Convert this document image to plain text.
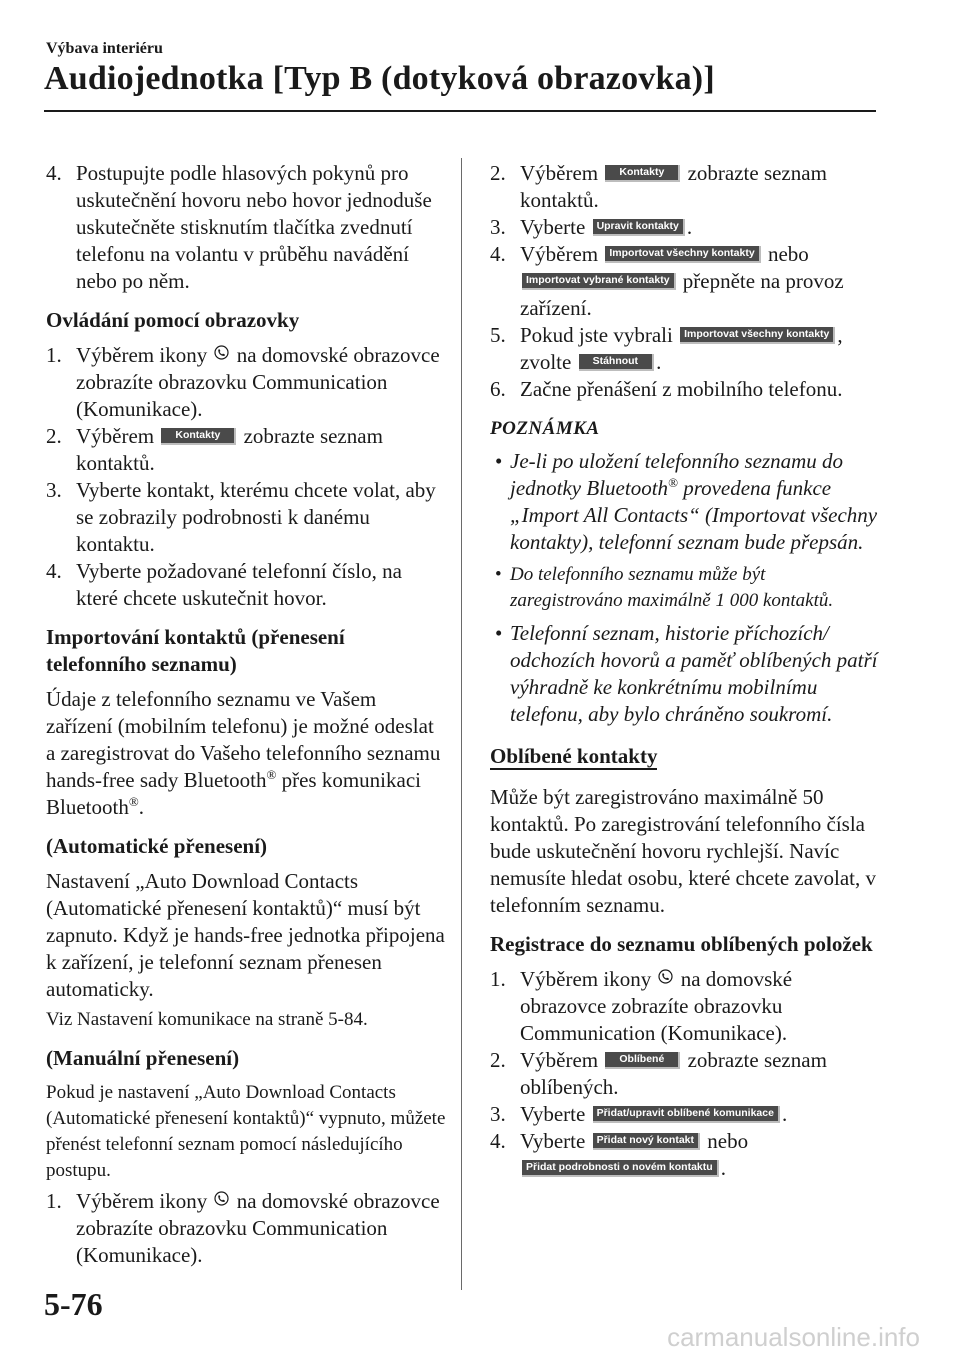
Výbava interiéru
Audiojednotka [Typ B (dotyková obrazovka)]
4. Postupujte podle hlasových pokynů pro uskutečnění hovoru nebo hovor jednoduše uskutečněte stisknutím tlačítka zvednutí telefonu na volantu v průběhu navádění nebo po něm.
Ovládání pomocí obrazovky
1. Výběrem ikony na domovské obrazovce zobrazíte obrazovku Communication (Komunikace).
2. Výběrem Kontakty zobrazte seznam kontaktů.
3. Vyberte kontakt, kterému chcete volat, aby se zobrazily podrobnosti k danému kontaktu.
4. Vyberte požadované telefonní číslo, na které chcete uskutečnit hovor.
Importování kontaktů (přenesení telefonního seznamu)
Údaje z telefonního seznamu ve Vašem zařízení (mobilním telefonu) je možné odeslat a zaregistrovat do Vašeho telefonního seznamu hands-free sady Bluetooth® přes komunikaci Bluetooth®.
(Automatické přenesení)
Nastavení „Auto Download Contacts (Automatické přenesení kontaktů)“ musí být zapnuto. Když je hands-free jednotka připojena k zařízení, je telefonní seznam přenesen automaticky.
Viz Nastavení komunikace na straně 5-84.
(Manuální přenesení)
Pokud je nastavení „Auto Download Contacts (Automatické přenesení kontaktů)“ vypnuto, můžete přenést telefonní seznam pomocí následujícího postupu.
1. Výběrem ikony na domovské obrazovce zobrazíte obrazovku Communication (Komunikace).
2. Výběrem Kontakty zobrazte seznam kontaktů.
3. Vyberte Upravit kontakty .
4. Výběrem Importovat všechny kontakty nebo Importovat vybrané kontakty přepněte na provoz zařízení.
5. Pokud jste vybrali Importovat všechny kontakty , zvolte Stáhnout .
6. Začne přenášení z mobilního telefonu.
POZNÁMKA
• Je-li po uložení telefonního seznamu do jednotky Bluetooth® provedena funkce „Import All Contacts“ (Importovat všechny kontakty), telefonní seznam bude přepsán.
• Do telefonního seznamu může být zaregistrováno maximálně 1 000 kontaktů.
• Telefonní seznam, historie příchozích/ odchozích hovorů a paměť oblíbených patří výhradně ke konkrétnímu mobilnímu telefonu, aby bylo chráněno soukromí.
Oblíbené kontakty
Může být zaregistrováno maximálně 50 kontaktů. Po zaregistrování telefonního čísla bude uskutečnění hovoru rychlejší. Navíc nemusíte hledat osobu, které chcete zavolat, v telefonním seznamu.
Registrace do seznamu oblíbených položek
1. Výběrem ikony na domovské obrazovce zobrazíte obrazovku Communication (Komunikace).
2. Výběrem Oblíbené zobrazte seznam oblíbených.
3. Vyberte Přidat/upravit oblíbené komunikace .
4. Vyberte Přidat nový kontakt nebo Přidat podrobnosti o novém kontaktu .
5-76
carmanualsonline.info
